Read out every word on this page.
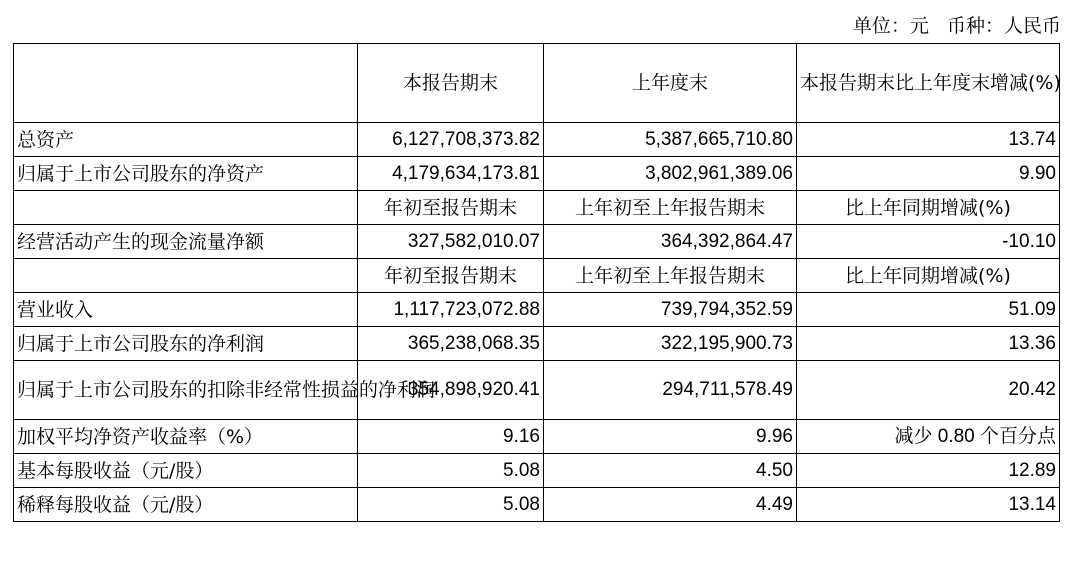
单位：元   币种：人民币
	本报告期末	上年度末	本报告期末比上年度末增减(%)
总资产	6,127,708,373.82	5,387,665,710.80	13.74
归属于上市公司股东的净资产	4,179,634,173.81	3,802,961,389.06	9.90
	年初至报告期末	上年初至上年报告期末	比上年同期增减(%)
经营活动产生的现金流量净额	327,582,010.07	364,392,864.47	-10.10
	年初至报告期末	上年初至上年报告期末	比上年同期增减(%)
营业收入	1,117,723,072.88	739,794,352.59	51.09
归属于上市公司股东的净利润	365,238,068.35	322,195,900.73	13.36
归属于上市公司股东的扣除非经常性损益的净利润	354,898,920.41	294,711,578.49	20.42
加权平均净资产收益率（%）	9.16	9.96	减少 0.80 个百分点
基本每股收益（元/股）	5.08	4.50	12.89
稀释每股收益（元/股）	5.08	4.49	13.14
